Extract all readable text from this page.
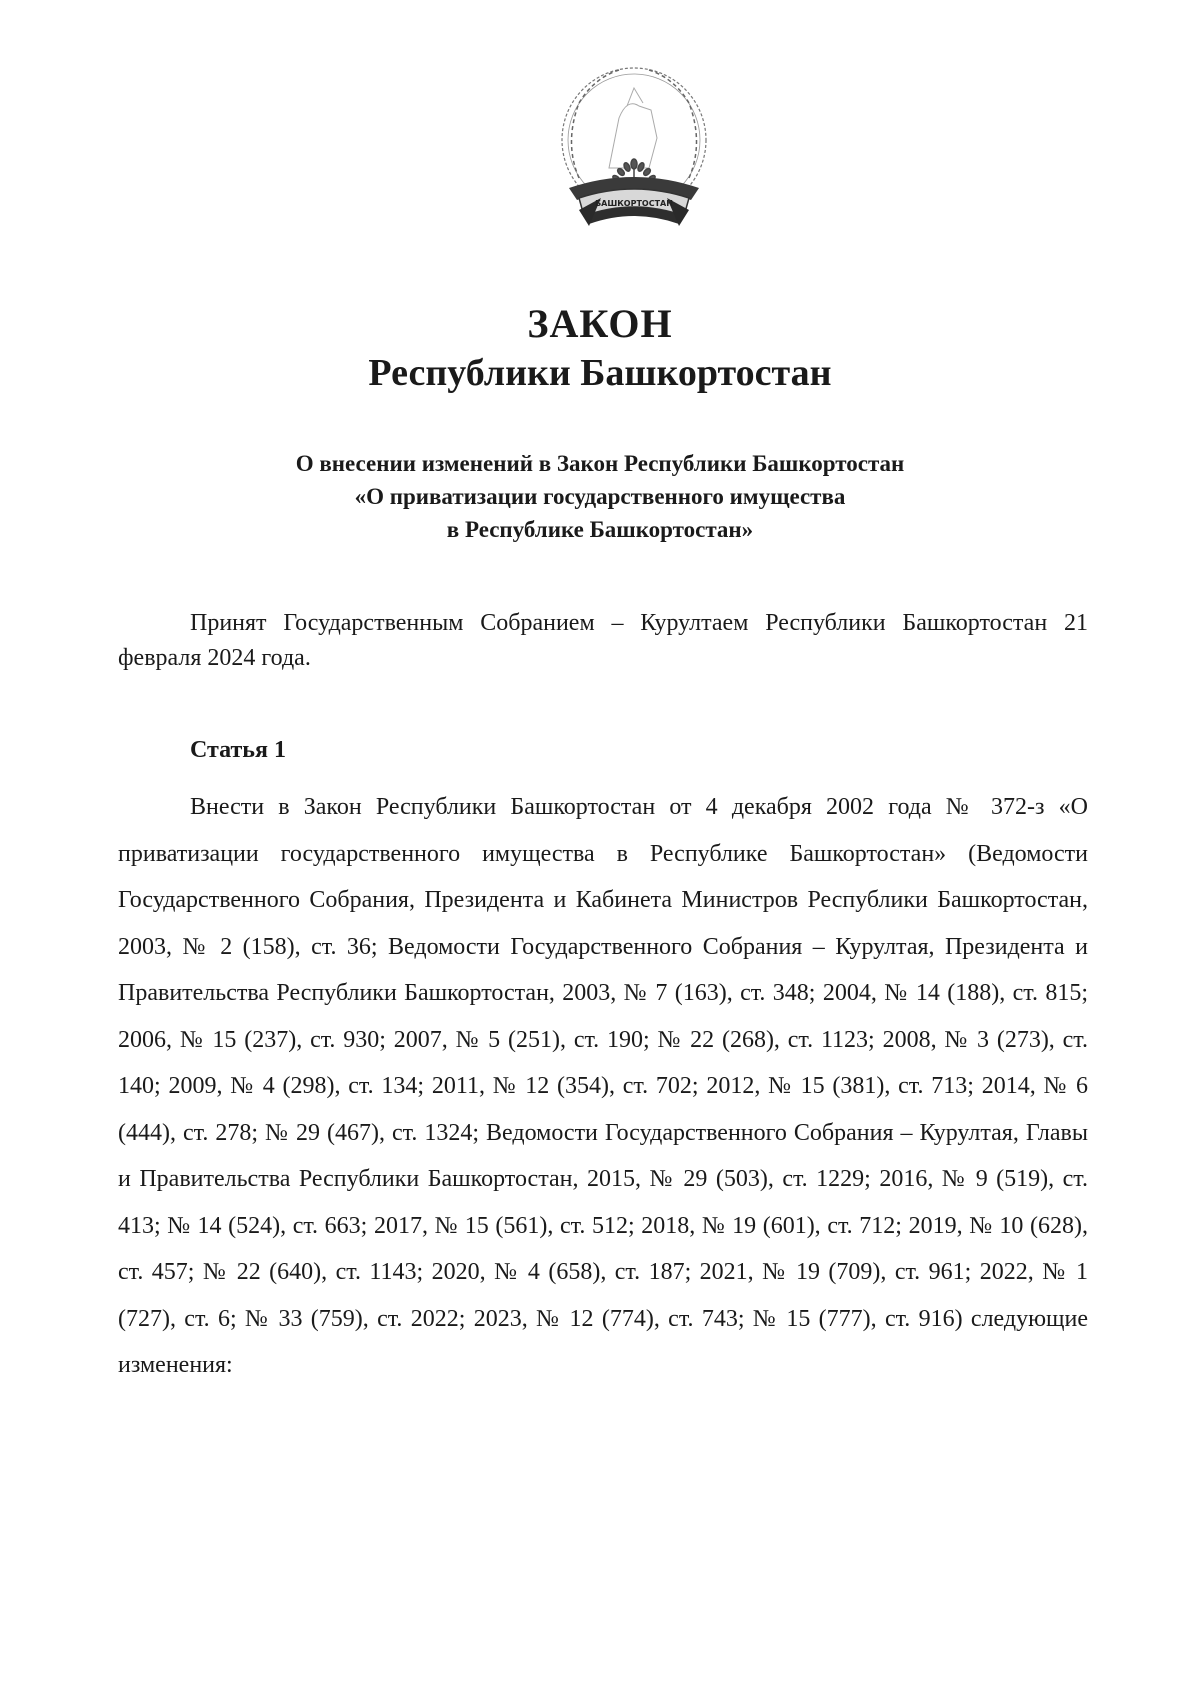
БАШКОРТОСТАН
ЗАКОН
Республики Башкортостан
О внесении изменений в Закон Республики Башкортостан
«О приватизации государственного имущества
в Республике Башкортостан»
Принят Государственным Собранием – Курултаем Республики Башкортостан 21 февраля 2024 года.
Статья 1
Внести в Закон Республики Башкортостан от 4 декабря 2002 года № 372-з «О приватизации государственного имущества в Республике Башкортостан» (Ведомости Государственного Собрания, Президента и Кабинета Министров Республики Башкортостан, 2003, № 2 (158), ст. 36; Ведомости Государственного Собрания – Курултая, Президента и Правительства Республики Башкортостан, 2003, № 7 (163), ст. 348; 2004, № 14 (188), ст. 815; 2006, № 15 (237), ст. 930; 2007, № 5 (251), ст. 190; № 22 (268), ст. 1123; 2008, № 3 (273), ст. 140; 2009, № 4 (298), ст. 134; 2011, № 12 (354), ст. 702; 2012, № 15 (381), ст. 713; 2014, № 6 (444), ст. 278; № 29 (467), ст. 1324; Ведомости Государственного Собрания – Курултая, Главы и Правительства Республики Башкортостан, 2015, № 29 (503), ст. 1229; 2016, № 9 (519), ст. 413; № 14 (524), ст. 663; 2017, № 15 (561), ст. 512; 2018, № 19 (601), ст. 712; 2019, № 10 (628), ст. 457; № 22 (640), ст. 1143; 2020, № 4 (658), ст. 187; 2021, № 19 (709), ст. 961; 2022, № 1 (727), ст. 6; № 33 (759), ст. 2022; 2023, № 12 (774), ст. 743; № 15 (777), ст. 916) следующие изменения:
